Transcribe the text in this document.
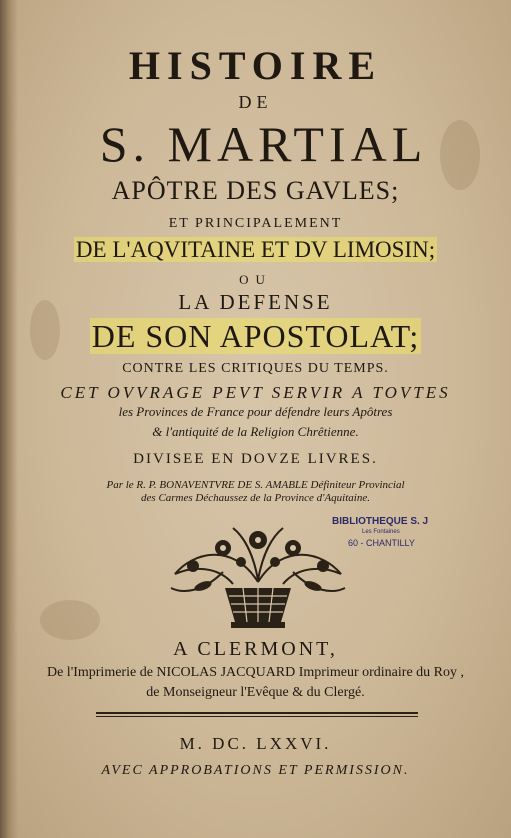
HISTOIRE
DE
S. MARTIAL
APÔTRE DES GAVLES;
ET PRINCIPALEMENT
DE L'AQVITAINE ET DV LIMOSIN;
OU
LA DEFENSE
DE SON APOSTOLAT;
CONTRE LES CRITIQUES DU TEMPS.
CET OVVRAGE PEVT SERVIR A TOVTES
les Provinces de France pour défendre leurs Apôtres
& l'antiquité de la Religion Chrêtienne.
DIVISEE EN DOVZE LIVRES.
Par le R. P. BONAVENTVRE DE S. AMABLE Définiteur Provincial
des Carmes Déchaussez de la Province d'Aquitaine.
BIBLIOTHEQUE S. J
Les Fontaines
60 - CHANTILLY
A CLERMONT,
De l'Imprimerie de NICOLAS JACQUARD Imprimeur ordinaire du Roy ,
de Monseigneur l'Evêque & du Clergé.
M. DC. LXXVI.
AVEC APPROBATIONS ET PERMISSION.
